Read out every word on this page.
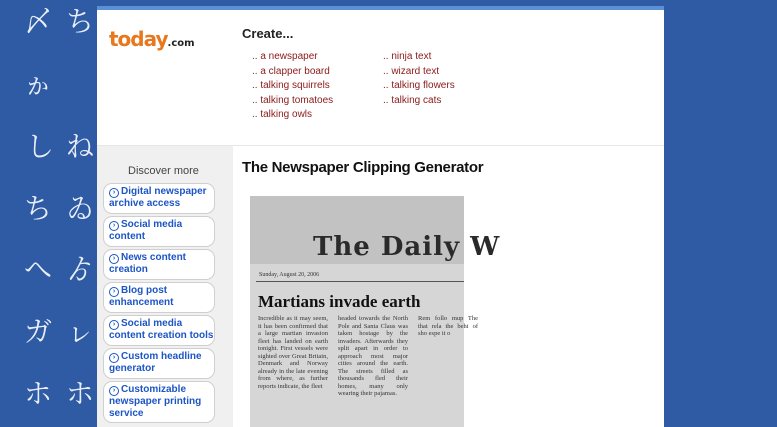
〆
ゕ
し ね
ち ゐ
へ ゟ
ガ ㇾ
ホ ホ
ち
today.com
Create...
.. a newspaper
.. a clapper board
.. talking squirrels
.. talking tomatoes
.. talking owls
.. ninja text
.. wizard text
.. talking flowers
.. talking cats
Discover more
› Digital newspaper archive access
› Social media content
› News content creation
› Blog post enhancement
› Social media content creation tools
› Custom headline generator
› Customizable newspaper printing service
The Newspaper Clipping Generator
The Daily W
Sunday, August 20, 2006
Martians invade earth
Incredible as it may seem, it has been confirmed that a large martian invasion fleet has landed on earth tonight. First vessels were sighted over Great Britain, Denmark and Norway already in the late evening from where, as further reports indicate, the fleet
headed towards the North Pole and Santa Claus was taken hostage by the invaders. Afterwards they split apart in order to approach most major cities around the earth. The streets filled as thousands fled their homes, many only wearing their pajamas.
Rem follo mup The that rela the behi of sho espe it o
